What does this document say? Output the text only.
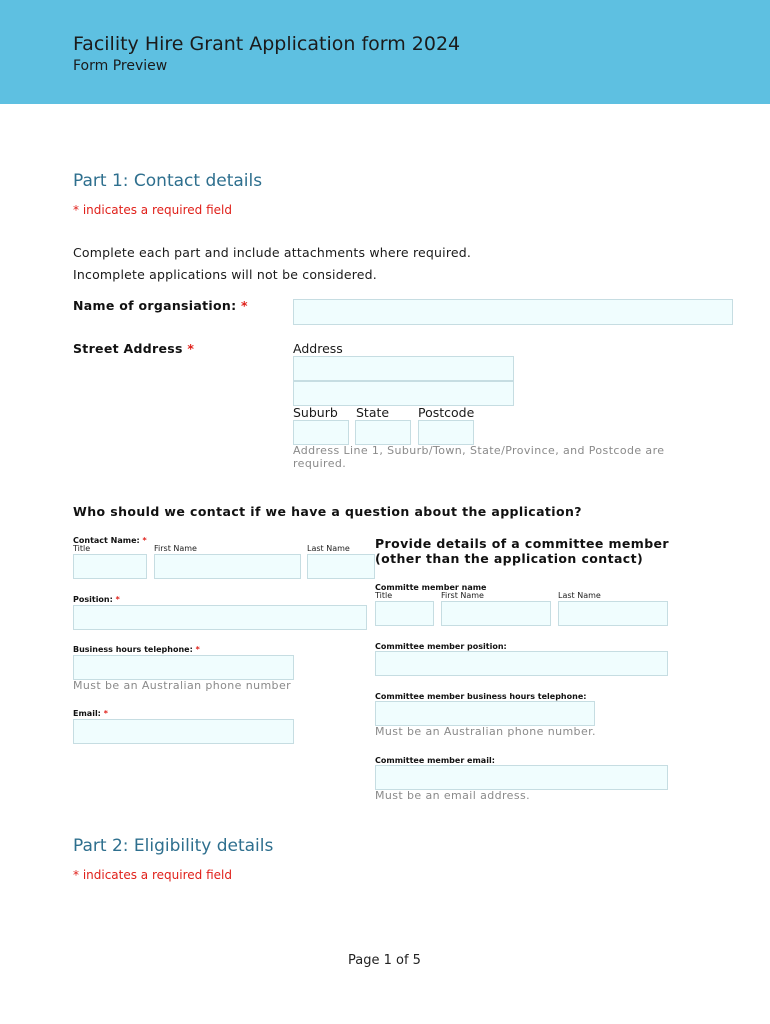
Facility Hire Grant Application form 2024
Form Preview
Part 1: Contact details
* indicates a required field
Complete each part and include attachments where required.
Incomplete applications will not be considered.
Name of organsiation: *
Street Address *	Address
Suburb State Postcode
Address Line 1, Suburb/Town, State/Province, and Postcode are
required.
Who should we contact if we have a question about the application?
Contact Name: *
Title	First Name	Last Name
Position: *
Business hours telephone: *
Must be an Australian phone number
Email: *
Provide details of a committee member
(other than the application contact)
Committe member name
Title	First Name	Last Name
Committee member position:
Committee member business hours telephone:
Must be an Australian phone number.
Committee member email:
Must be an email address.
Part 2: Eligibility details
* indicates a required field
Page 1 of 5
